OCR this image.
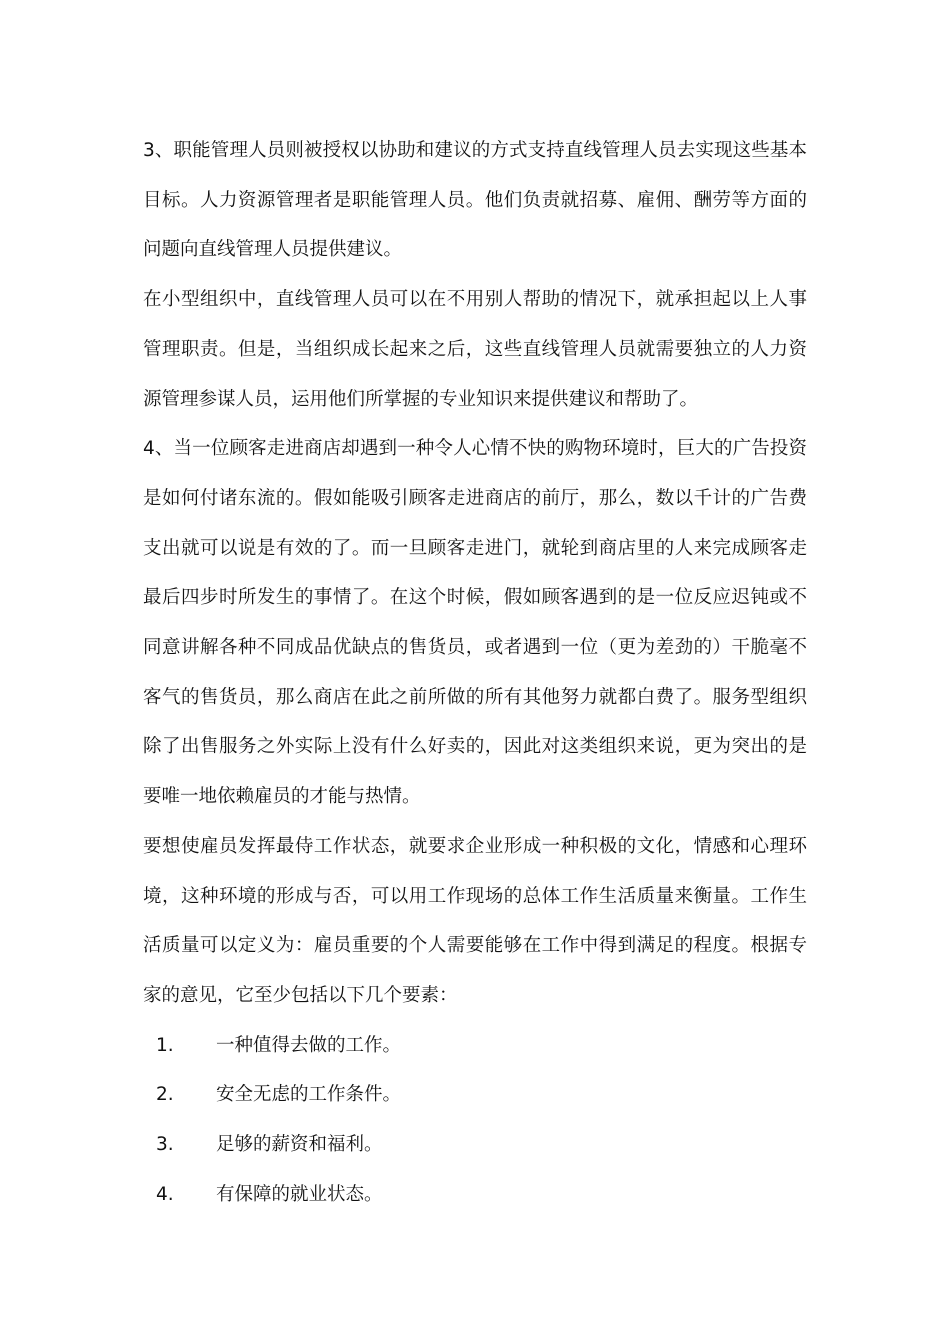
3、职能管理人员则被授权以协助和建议的方式支持直线管理人员去实现这些基本目标。人力资源管理者是职能管理人员。他们负责就招募、雇佣、酬劳等方面的问题向直线管理人员提供建议。

在小型组织中，直线管理人员可以在不用别人帮助的情况下，就承担起以上人事管理职责。但是，当组织成长起来之后，这些直线管理人员就需要独立的人力资源管理参谋人员，运用他们所掌握的专业知识来提供建议和帮助了。

4、当一位顾客走进商店却遇到一种令人心情不快的购物环境时，巨大的广告投资是如何付诸东流的。假如能吸引顾客走进商店的前厅，那么，数以千计的广告费支出就可以说是有效的了。而一旦顾客走进门，就轮到商店里的人来完成顾客走最后四步时所发生的事情了。在这个时候，假如顾客遇到的是一位反应迟钝或不同意讲解各种不同成品优缺点的售货员，或者遇到一位（更为差劲的）干脆毫不客气的售货员，那么商店在此之前所做的所有其他努力就都白费了。服务型组织除了出售服务之外实际上没有什么好卖的，因此对这类组织来说，更为突出的是要唯一地依赖雇员的才能与热情。

要想使雇员发挥最侍工作状态，就要求企业形成一种积极的文化，情感和心理环境，这种环境的形成与否，可以用工作现场的总体工作生活质量来衡量。工作生活质量可以定义为：雇员重要的个人需要能够在工作中得到满足的程度。根据专家的意见，它至少包括以下几个要素：

1.	一种值得去做的工作。
2.	安全无虑的工作条件。
3.	足够的薪资和福利。
4.	有保障的就业状态。
